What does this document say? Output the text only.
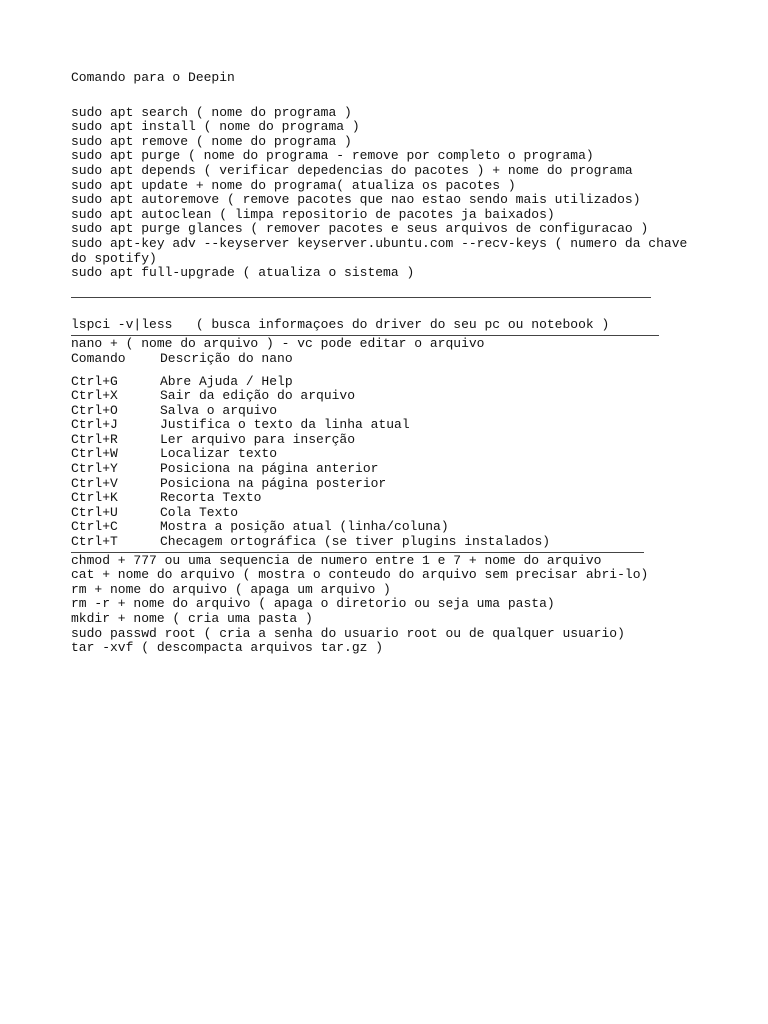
Comando para o Deepin
sudo apt search ( nome do programa )
sudo apt install ( nome do programa )
sudo apt remove ( nome do programa )
sudo apt purge ( nome do programa - remove por completo o programa)
sudo apt depends ( verificar depedencias do pacotes ) + nome do programa
sudo apt update + nome do programa( atualiza os pacotes )
sudo apt autoremove ( remove pacotes que nao estao sendo mais utilizados)
sudo apt autoclean ( limpa repositorio de pacotes ja baixados)
sudo apt purge glances ( remover pacotes e seus arquivos de configuracao )
sudo apt-key adv --keyserver keyserver.ubuntu.com --recv-keys ( numero da chave do spotify)
sudo apt full-upgrade ( atualiza o sistema )
lspci -v|less   ( busca informaçoes do driver do seu pc ou notebook )
nano + ( nome do arquivo ) - vc pode editar o arquivo
Comando	Descrição do nano
Ctrl+G	Abre Ajuda / Help
Ctrl+X	Sair da edição do arquivo
Ctrl+O	Salva o arquivo
Ctrl+J	Justifica o texto da linha atual
Ctrl+R	Ler arquivo para inserção
Ctrl+W	Localizar texto
Ctrl+Y	Posiciona na página anterior
Ctrl+V	Posiciona na página posterior
Ctrl+K	Recorta Texto
Ctrl+U	Cola Texto
Ctrl+C	Mostra a posição atual (linha/coluna)
Ctrl+T	Checagem ortográfica (se tiver plugins instalados)
chmod + 777 ou uma sequencia de numero entre 1 e 7 + nome do arquivo
cat + nome do arquivo ( mostra o conteudo do arquivo sem precisar abri-lo)
rm + nome do arquivo ( apaga um arquivo )
rm -r + nome do arquivo ( apaga o diretorio ou seja uma pasta)
mkdir + nome ( cria uma pasta )
sudo passwd root ( cria a senha do usuario root ou de qualquer usuario)
tar -xvf ( descompacta arquivos tar.gz )
